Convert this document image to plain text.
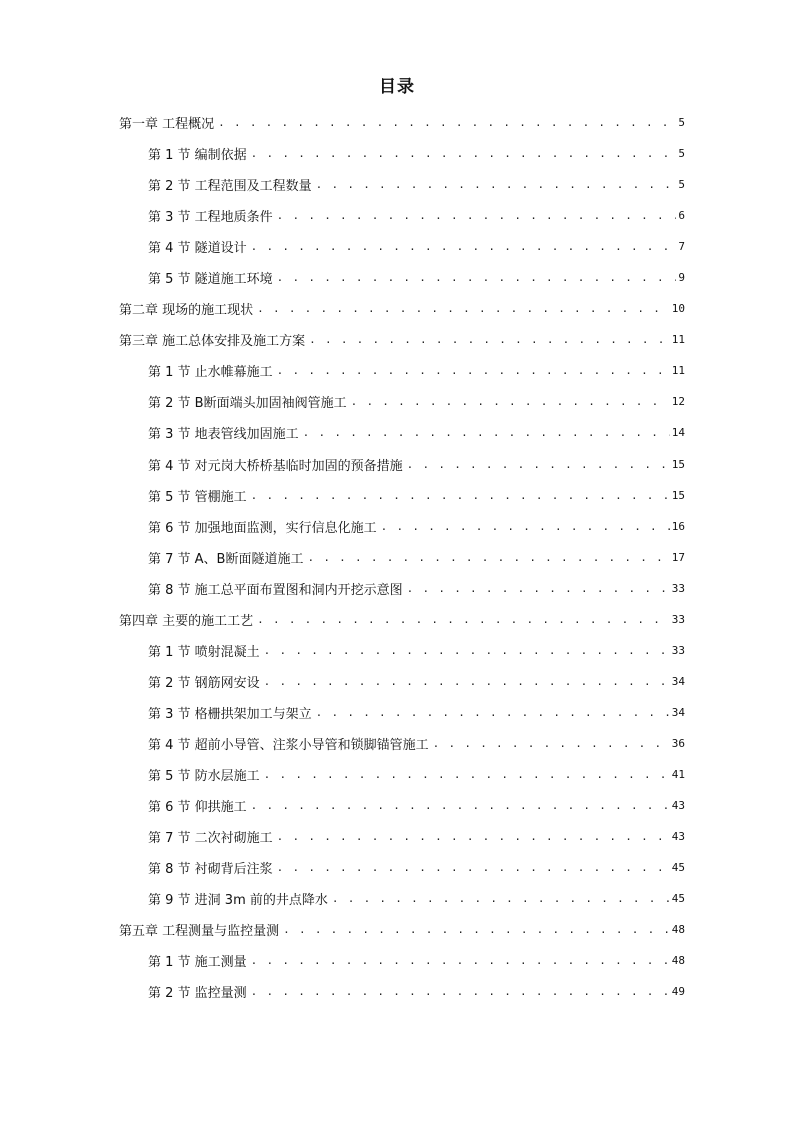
目录
第一章 工程概况 . . .	5
第 1 节 编制依据 . . .	5
第 2 节 工程范围及工程数量 . . .	5
第 3 节 工程地质条件 . . .	6
第 4 节 隧道设计 . . .	7
第 5 节 隧道施工环境 . . .	9
第二章 现场的施工现状 . . .	10
第三章 施工总体安排及施工方案 . . .	11
第 1 节 止水帷幕施工 . . .	11
第 2 节 B断面端头加固袖阀管施工 . . .	12
第 3 节 地表管线加固施工 . . .	14
第 4 节 对元岗大桥桥基临时加固的预备措施 . . .	15
第 5 节 管棚施工 . . .	15
第 6 节 加强地面监测，实行信息化施工 . . .	16
第 7 节 A、B断面隧道施工 . . .	17
第 8 节 施工总平面布置图和洞内开挖示意图 . . .	33
第四章 主要的施工工艺 . . .	33
第 1 节 喷射混凝土 . . .	33
第 2 节 钢筋网安设 . . .	34
第 3 节 格栅拱架加工与架立 . . .	34
第 4 节 超前小导管、注浆小导管和锁脚锚管施工 . . .	36
第 5 节 防水层施工 . . .	41
第 6 节 仰拱施工 . . .	43
第 7 节 二次衬砌施工 . . .	43
第 8 节 衬砌背后注浆 . . .	45
第 9 节 进洞 3m 前的井点降水 . . .	45
第五章 工程测量与监控量测 . . .	48
第 1 节 施工测量 . . .	48
第 2 节 监控量测 . . .	49
